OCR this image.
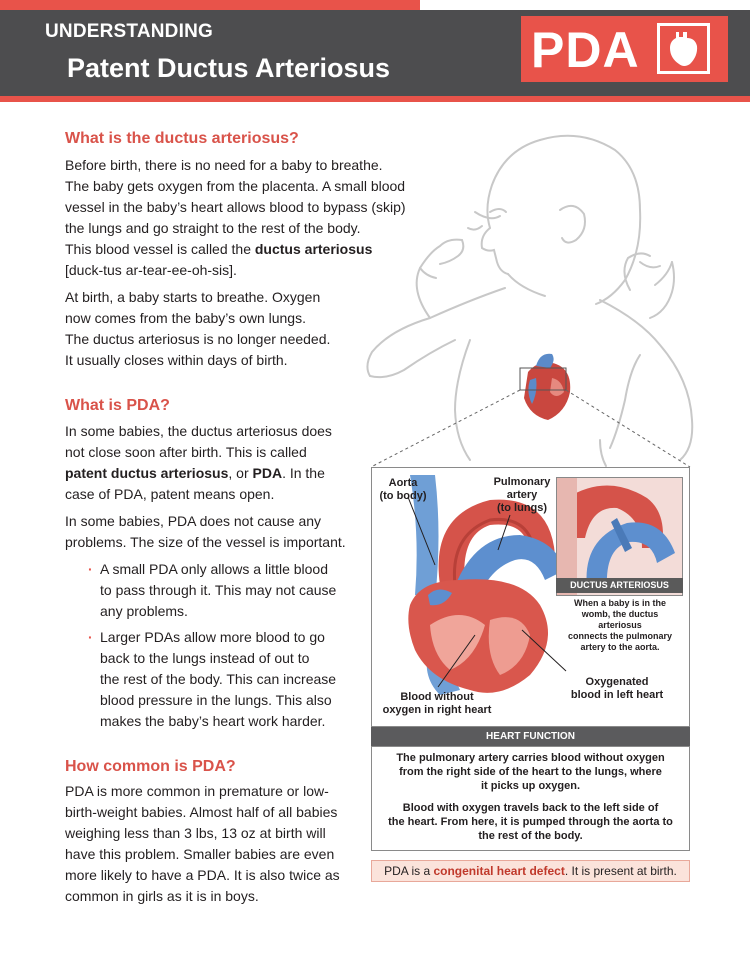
UNDERSTANDING
Patent Ductus Arteriosus	PDA
What is the ductus arteriosus?
Before birth, there is no need for a baby to breathe.
The baby gets oxygen from the placenta. A small blood
vessel in the baby’s heart allows blood to bypass (skip)
the lungs and go straight to the rest of the body.
This blood vessel is called the ductus arteriosus
[duck-tus ar-tear-ee-oh-sis].
At birth, a baby starts to breathe. Oxygen
now comes from the baby’s own lungs.
The ductus arteriosus is no longer needed.
It usually closes within days of birth.
What is PDA?
In some babies, the ductus arteriosus does
not close soon after birth. This is called
patent ductus arteriosus, or PDA. In the
case of PDA, patent means open.
In some babies, PDA does not cause any
problems. The size of the vessel is important.
· A small PDA only allows a little blood
to pass through it. This may not cause
any problems.
· Larger PDAs allow more blood to go
back to the lungs instead of out to
the rest of the body. This can increase
blood pressure in the lungs. This also
makes the baby’s heart work harder.
How common is PDA?
PDA is more common in premature or low-
birth-weight babies. Almost half of all babies
weighing less than 3 lbs, 13 oz at birth will
have this problem. Smaller babies are even
more likely to have a PDA. It is also twice as
common in girls as it is in boys.
Aorta
(to body)
Pulmonary
artery
(to lungs)
Blood without
oxygen in right heart
Oxygenated
blood in left heart
DUCTUS ARTERIOSUS
When a baby is in the
womb, the ductus arteriosus
connects the pulmonary
artery to the aorta.
HEART FUNCTION
The pulmonary artery carries blood without oxygen
from the right side of the heart to the lungs, where
it picks up oxygen.
Blood with oxygen travels back to the left side of
the heart. From here, it is pumped through the aorta to
the rest of the body.
PDA is a congenital heart defect. It is present at birth.
